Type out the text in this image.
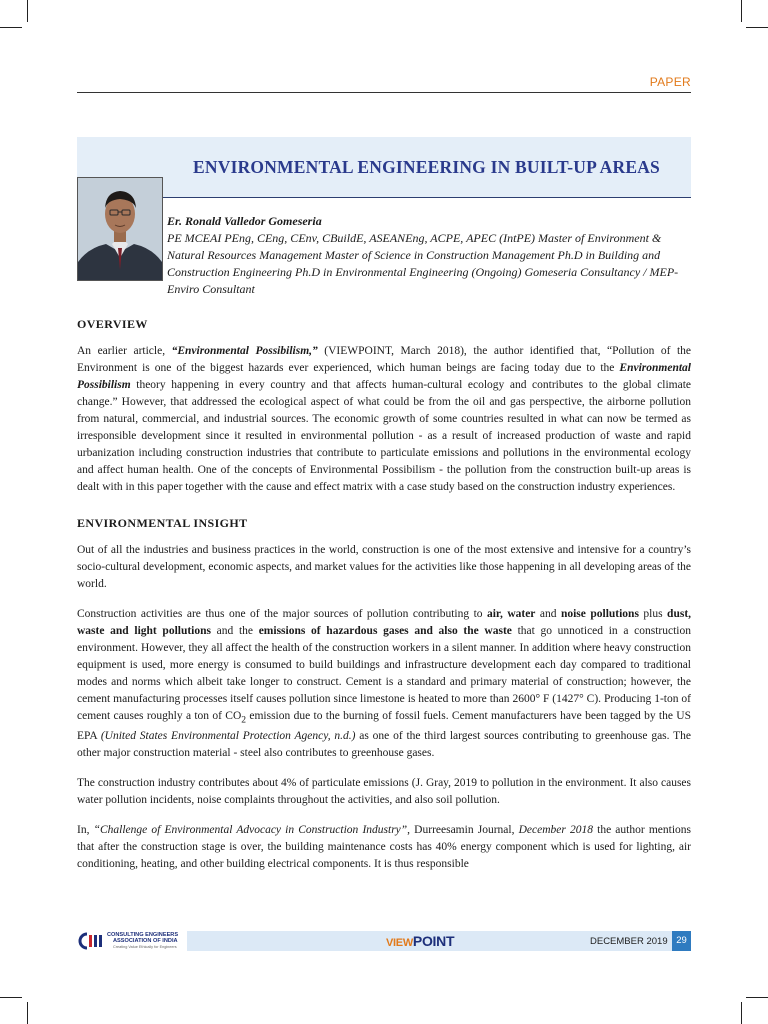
PAPER
ENVIRONMENTAL ENGINEERING IN BUILT-UP AREAS
Er. Ronald Valledor Gomeseria
PE MCEAI PEng, CEng, CEnv, CBuildE, ASEANEng, ACPE, APEC (IntPE) Master of Environment & Natural Resources Management Master of Science in Construction Management Ph.D in Building and Construction Engineering Ph.D in Environmental Engineering (Ongoing) Gomeseria Consultancy / MEP-Enviro Consultant
OVERVIEW

An earlier article, “Environmental Possibilism,” (VIEWPOINT, March 2018), the author identified that, “Pollution of the Environment is one of the biggest hazards ever experienced, which human beings are facing today due to the Environmental Possibilism theory happening in every country and that affects human-cultural ecology and contributes to the global climate change.” However, that addressed the ecological aspect of what could be from the oil and gas perspective, the airborne pollution from natural, commercial, and industrial sources. The economic growth of some countries resulted in what can now be termed as irresponsible development since it resulted in environmental pollution - as a result of increased production of waste and rapid urbanization including construction industries that contribute to particulate emissions and pollutions in the environmental ecology and affect human health. One of the concepts of Environmental Possibilism - the pollution from the construction built-up areas is dealt with in this paper together with the cause and effect matrix with a case study based on the construction industry experiences.

ENVIRONMENTAL INSIGHT

Out of all the industries and business practices in the world, construction is one of the most extensive and intensive for a country’s socio-cultural development, economic aspects, and market values for the activities like those happening in all developing areas of the world.

Construction activities are thus one of the major sources of pollution contributing to air, water and noise pollutions plus dust, waste and light pollutions and the emissions of hazardous gases and also the waste that go unnoticed in a construction environment. However, they all affect the health of the construction workers in a silent manner. In addition where heavy construction equipment is used, more energy is consumed to build buildings and infrastructure development each day compared to traditional modes and norms which albeit take longer to construct. Cement is a standard and primary material of construction; however, the cement manufacturing processes itself causes pollution since limestone is heated to more than 2600° F (1427° C). Producing 1-ton of cement causes roughly a ton of $CO_2$ emission due to the burning of fossil fuels. Cement manufacturers have been tagged by the US EPA (United States Environmental Protection Agency, n.d.) as one of the third largest sources contributing to greenhouse gas. The other major construction material - steel also contributes to greenhouse gases.

The construction industry contributes about 4% of particulate emissions (J. Gray, 2019 to pollution in the environment. It also causes water pollution incidents, noise complaints throughout the activities, and also soil pollution.

In, “Challenge of Environmental Advocacy in Construction Industry”, Durreesamin Journal, December 2018 the author mentions that after the construction stage is over, the building maintenance costs has 40% energy component which is used for lighting, air conditioning, heating, and other building electrical components. It is thus responsible

CONSULTING ENGINEERS
ASSOCIATION OF INDIA
Creating Value Ethically for Engineers	VIEWPOINT	DECEMBER 2019 29
